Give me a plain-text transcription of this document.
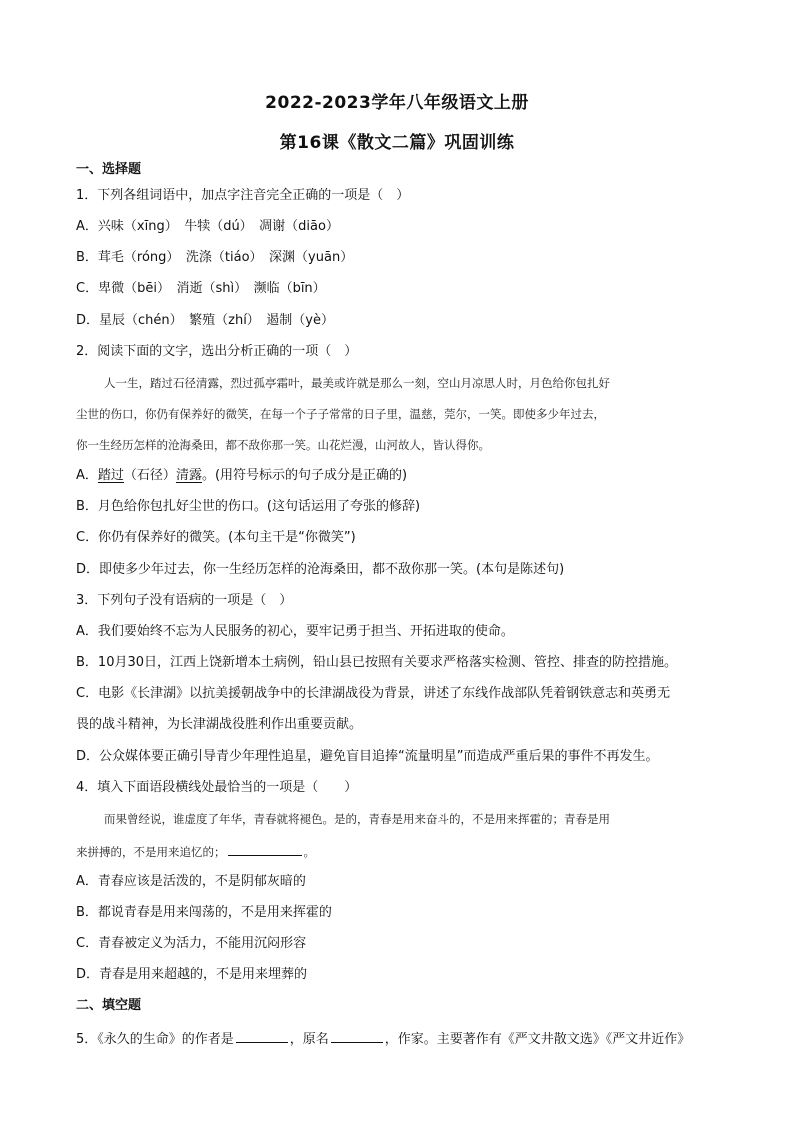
2022-2023学年八年级语文上册
第16课《散文二篇》巩固训练
一、选择题
1．下列各组词语中，加点字注音完全正确的一项是（　）
A．兴味（xīng）　牛犊（dú）　凋谢（diāo）
B．茸毛（róng）　洗涤（tiáo）　深渊（yuān）
C．卑微（bēi）　消逝（shì）　濒临（bīn）
D．星辰（chén）　繁殖（zhí）　遏制（yè）
2．阅读下面的文字，选出分析正确的一项（　）
人一生，踏过石径清露，烈过孤亭霜叶，最美或许就是那么一刻，空山月凉思人时，月色给你包扎好
尘世的伤口，你仍有保养好的微笑，在每一个子子常常的日子里，温慈，莞尔，一笑。即使多少年过去，
你一生经历怎样的沧海桑田，都不敌你那一笑。山花烂漫，山河故人，皆认得你。
A．踏过（石径）清露。(用符号标示的句子成分是正确的)
B．月色给你包扎好尘世的伤口。(这句话运用了夸张的修辞)
C．你仍有保养好的微笑。(本句主干是“你微笑”)
D．即使多少年过去，你一生经历怎样的沧海桑田，都不敌你那一笑。(本句是陈述句)
3．下列句子没有语病的一项是（　）
A．我们要始终不忘为人民服务的初心，要牢记勇于担当、开拓进取的使命。
B．10月30日，江西上饶新增本土病例，铅山县已按照有关要求严格落实检测、管控、排查的防控措施。
C．电影《长津湖》以抗美援朝战争中的长津湖战役为背景，讲述了东线作战部队凭着钢铁意志和英勇无
畏的战斗精神，为长津湖战役胜利作出重要贡献。
D．公众媒体要正确引导青少年理性追星，避免盲目追捧“流量明星”而造成严重后果的事件不再发生。
4．填入下面语段横线处最恰当的一项是（　　）
而果曾经说，谁虚度了年华，青春就将褪色。是的，青春是用来奋斗的，不是用来挥霍的；青春是用
来拼搏的，不是用来追忆的；	。
A．青春应该是活泼的，不是阴郁灰暗的
B．都说青春是用来闯荡的，不是用来挥霍的
C．青春被定义为活力，不能用沉闷形容
D．青春是用来超越的，不是用来埋葬的
二、填空题
5．《永久的生命》的作者是	，原名	，作家。主要著作有《严文井散文选》《严文井近作》
